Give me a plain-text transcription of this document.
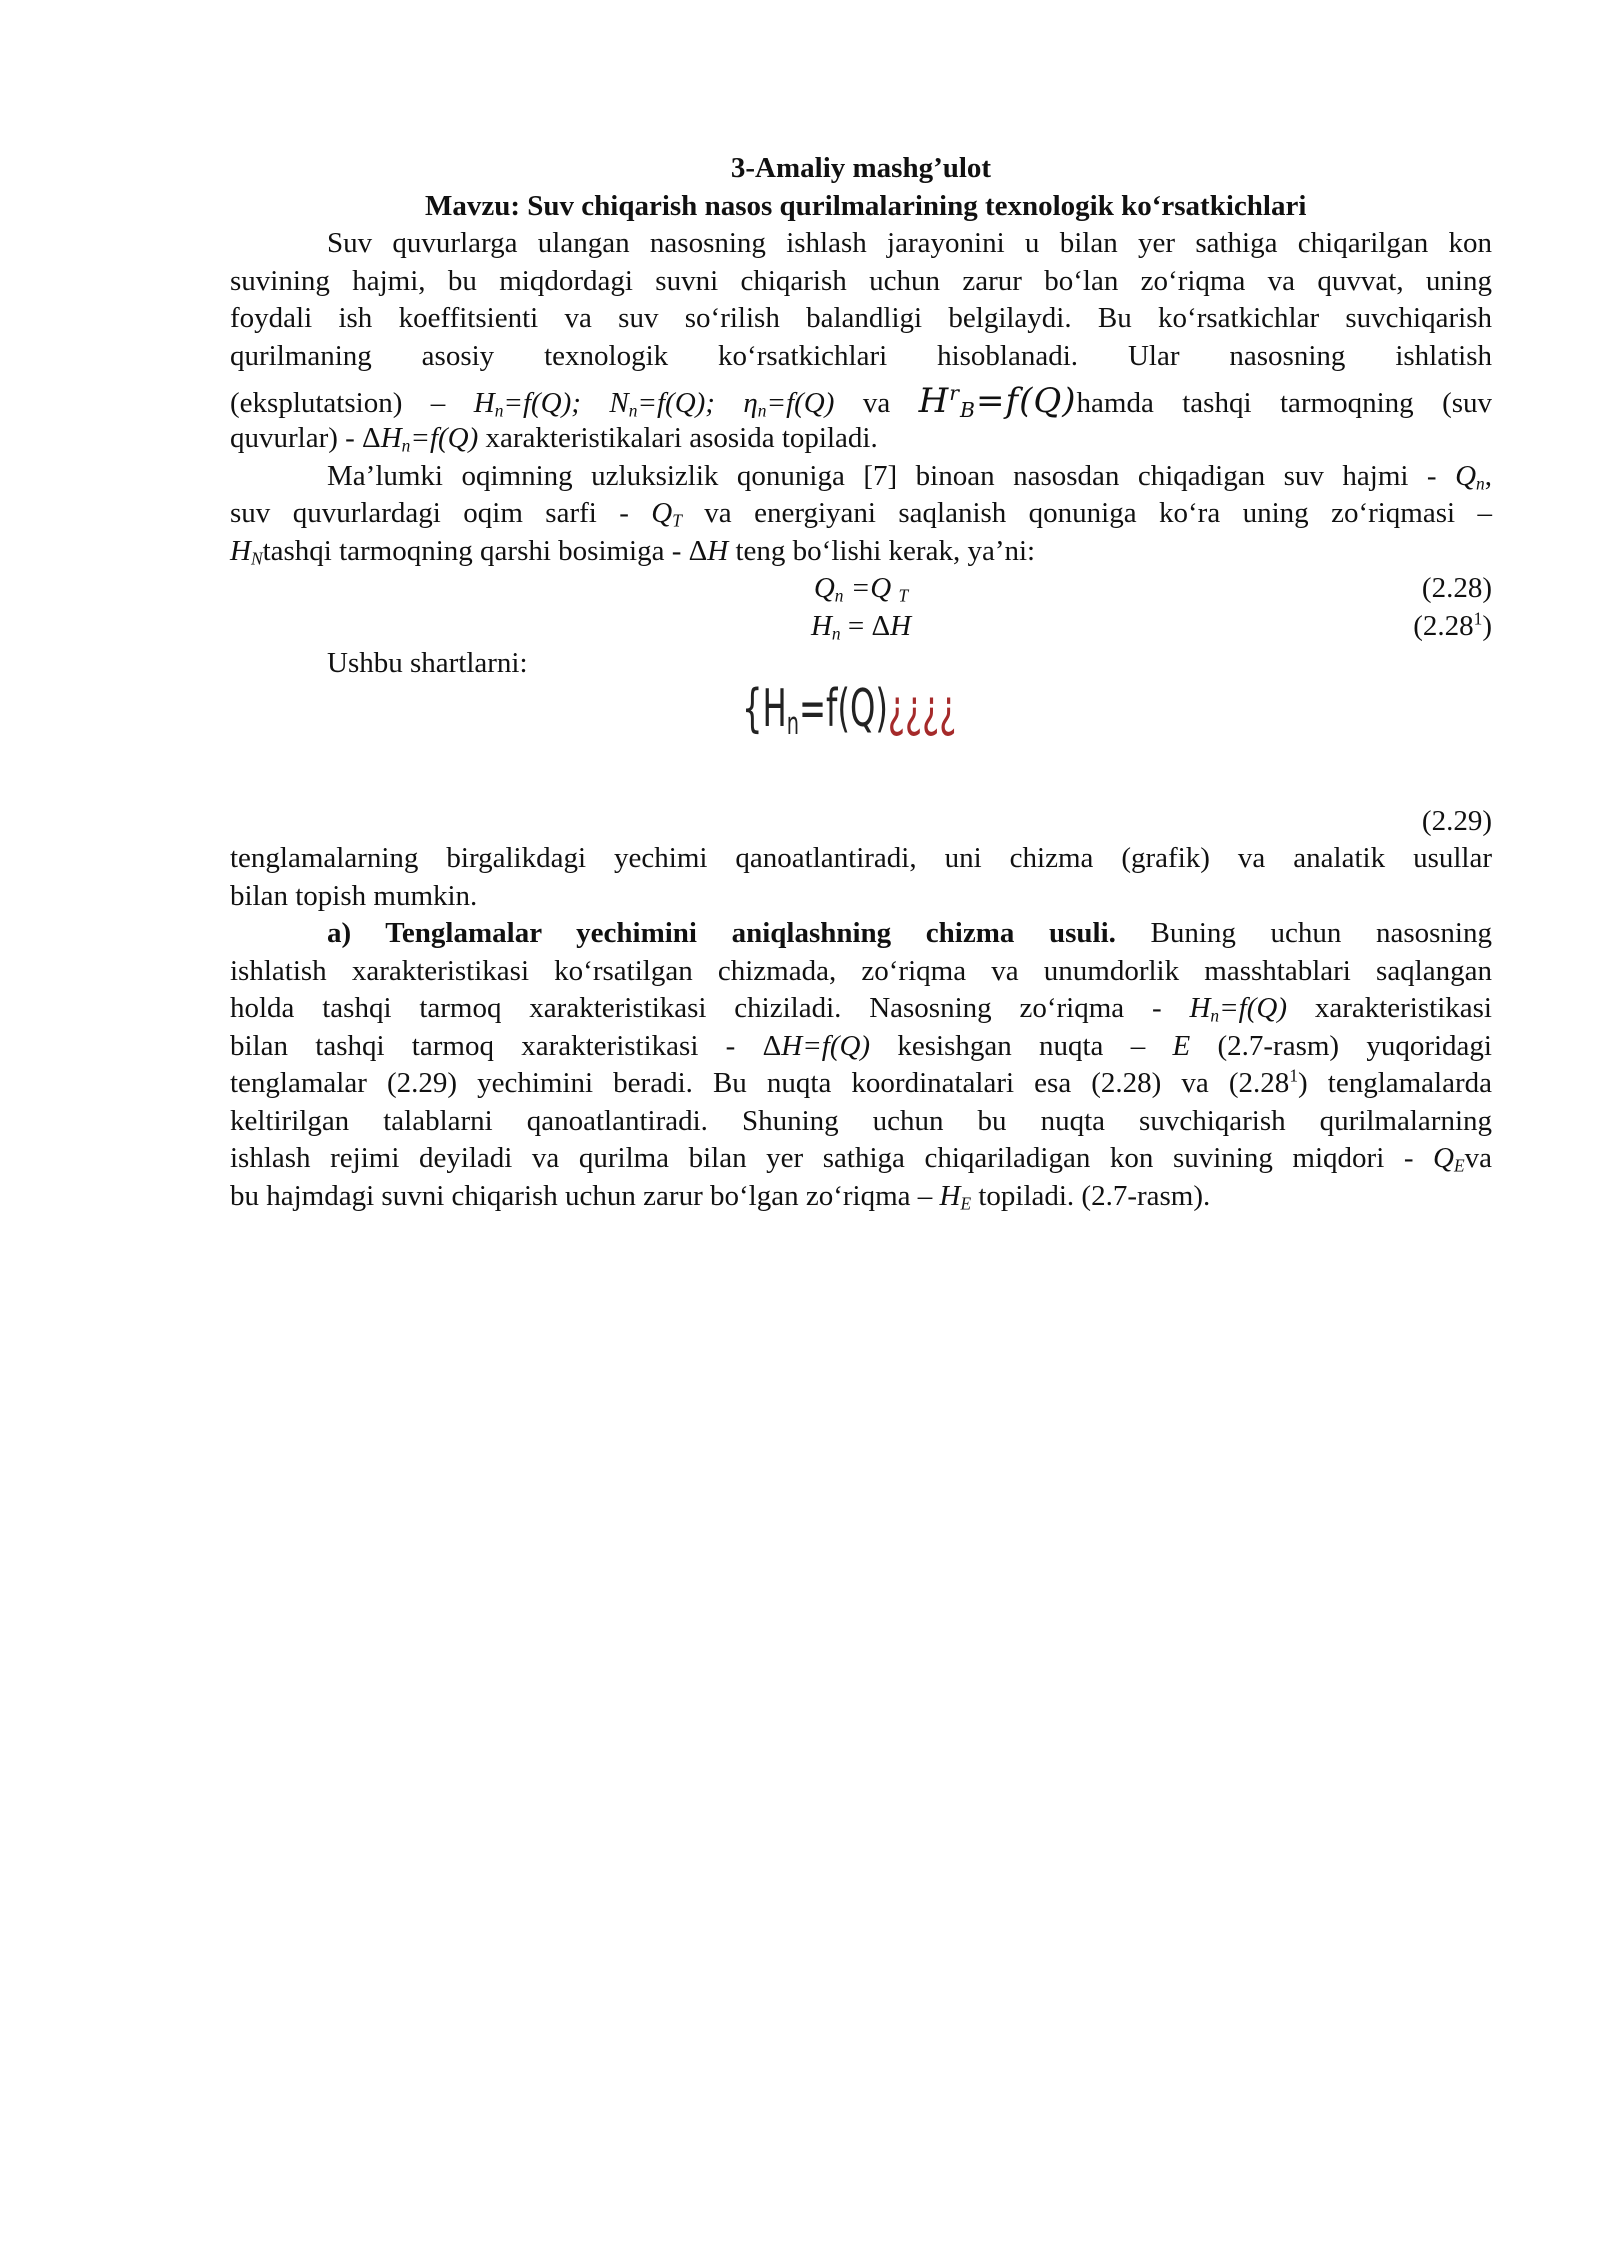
3-Amaliy mashg’ulot
Mavzu: Suv chiqarish nasos qurilmalarining texnologik ko‘rsatkichlari
Suv quvurlarga ulangan nasosning ishlash jarayonini u bilan yer sathiga chiqarilgan kon
suvining hajmi, bu miqdordagi suvni chiqarish uchun zarur bo‘lan zo‘riqma va quvvat, uning
foydali ish koeffitsienti va suv so‘rilish balandligi belgilaydi. Bu ko‘rsatkichlar suvchiqarish
qurilmaning asosiy texnologik ko‘rsatkichlari hisoblanadi. Ular nasosning ishlatish
(eksplutatsion) – $H_n=f(Q)$; $N_n=f(Q)$; $\eta_n=f(Q)$ va $H^r_B=f(Q)hamda$ tashqi tarmoqning (suv
quvurlar) - $\Delta H_n=f(Q)$ xarakteristikalari asosida topiladi.
Ma’lumki oqimning uzluksizlik qonuniga [7] binoan nasosdan chiqadigan suv hajmi - $Q_n$,
suv quvurlardagi oqim sarfi - $Q_T$ va energiyani saqlanish qonuniga ko‘ra uning zo‘riqmasi –
$H_Ntashqi$ tarmoqning qarshi bosimiga - ΔH teng bo‘lishi kerak, ya’ni:
$Q_n =Q$ $_T$	(2.28)
$H_n = \Delta H$	(2.28$^1$)
Ushbu shartlarni:
{$H_n=f(Q)¿¿¿¿$
(2.29)
tenglamalarning birgalikdagi yechimi qanoatlantiradi, uni chizma (grafik) va analatik usullar
bilan topish mumkin.
a) Tenglamalar yechimini aniqlashning chizma usuli. Buning uchun nasosning
ishlatish xarakteristikasi ko‘rsatilgan chizmada, zo‘riqma va unumdorlik masshtablari saqlangan
holda tashqi tarmoq xarakteristikasi chiziladi. Nasosning zo‘riqma - $H_n=f(Q)$ xarakteristikasi
bilan tashqi tarmoq xarakteristikasi - ΔH=f(Q) kesishgan nuqta – E (2.7-rasm) yuqoridagi
tenglamalar (2.29) yechimini beradi. Bu nuqta koordinatalari esa (2.28) va (2.28$^1$) tenglamalarda
keltirilgan talablarni qanoatlantiradi. Shuning uchun bu nuqta suvchiqarish qurilmalarning
ishlash rejimi deyiladi va qurilma bilan yer sathiga chiqariladigan kon suvining miqdori - $Q_Eva$
bu hajmdagi suvni chiqarish uchun zarur bo‘lgan zo‘riqma – $H_E$ topiladi. (2.7-rasm).
